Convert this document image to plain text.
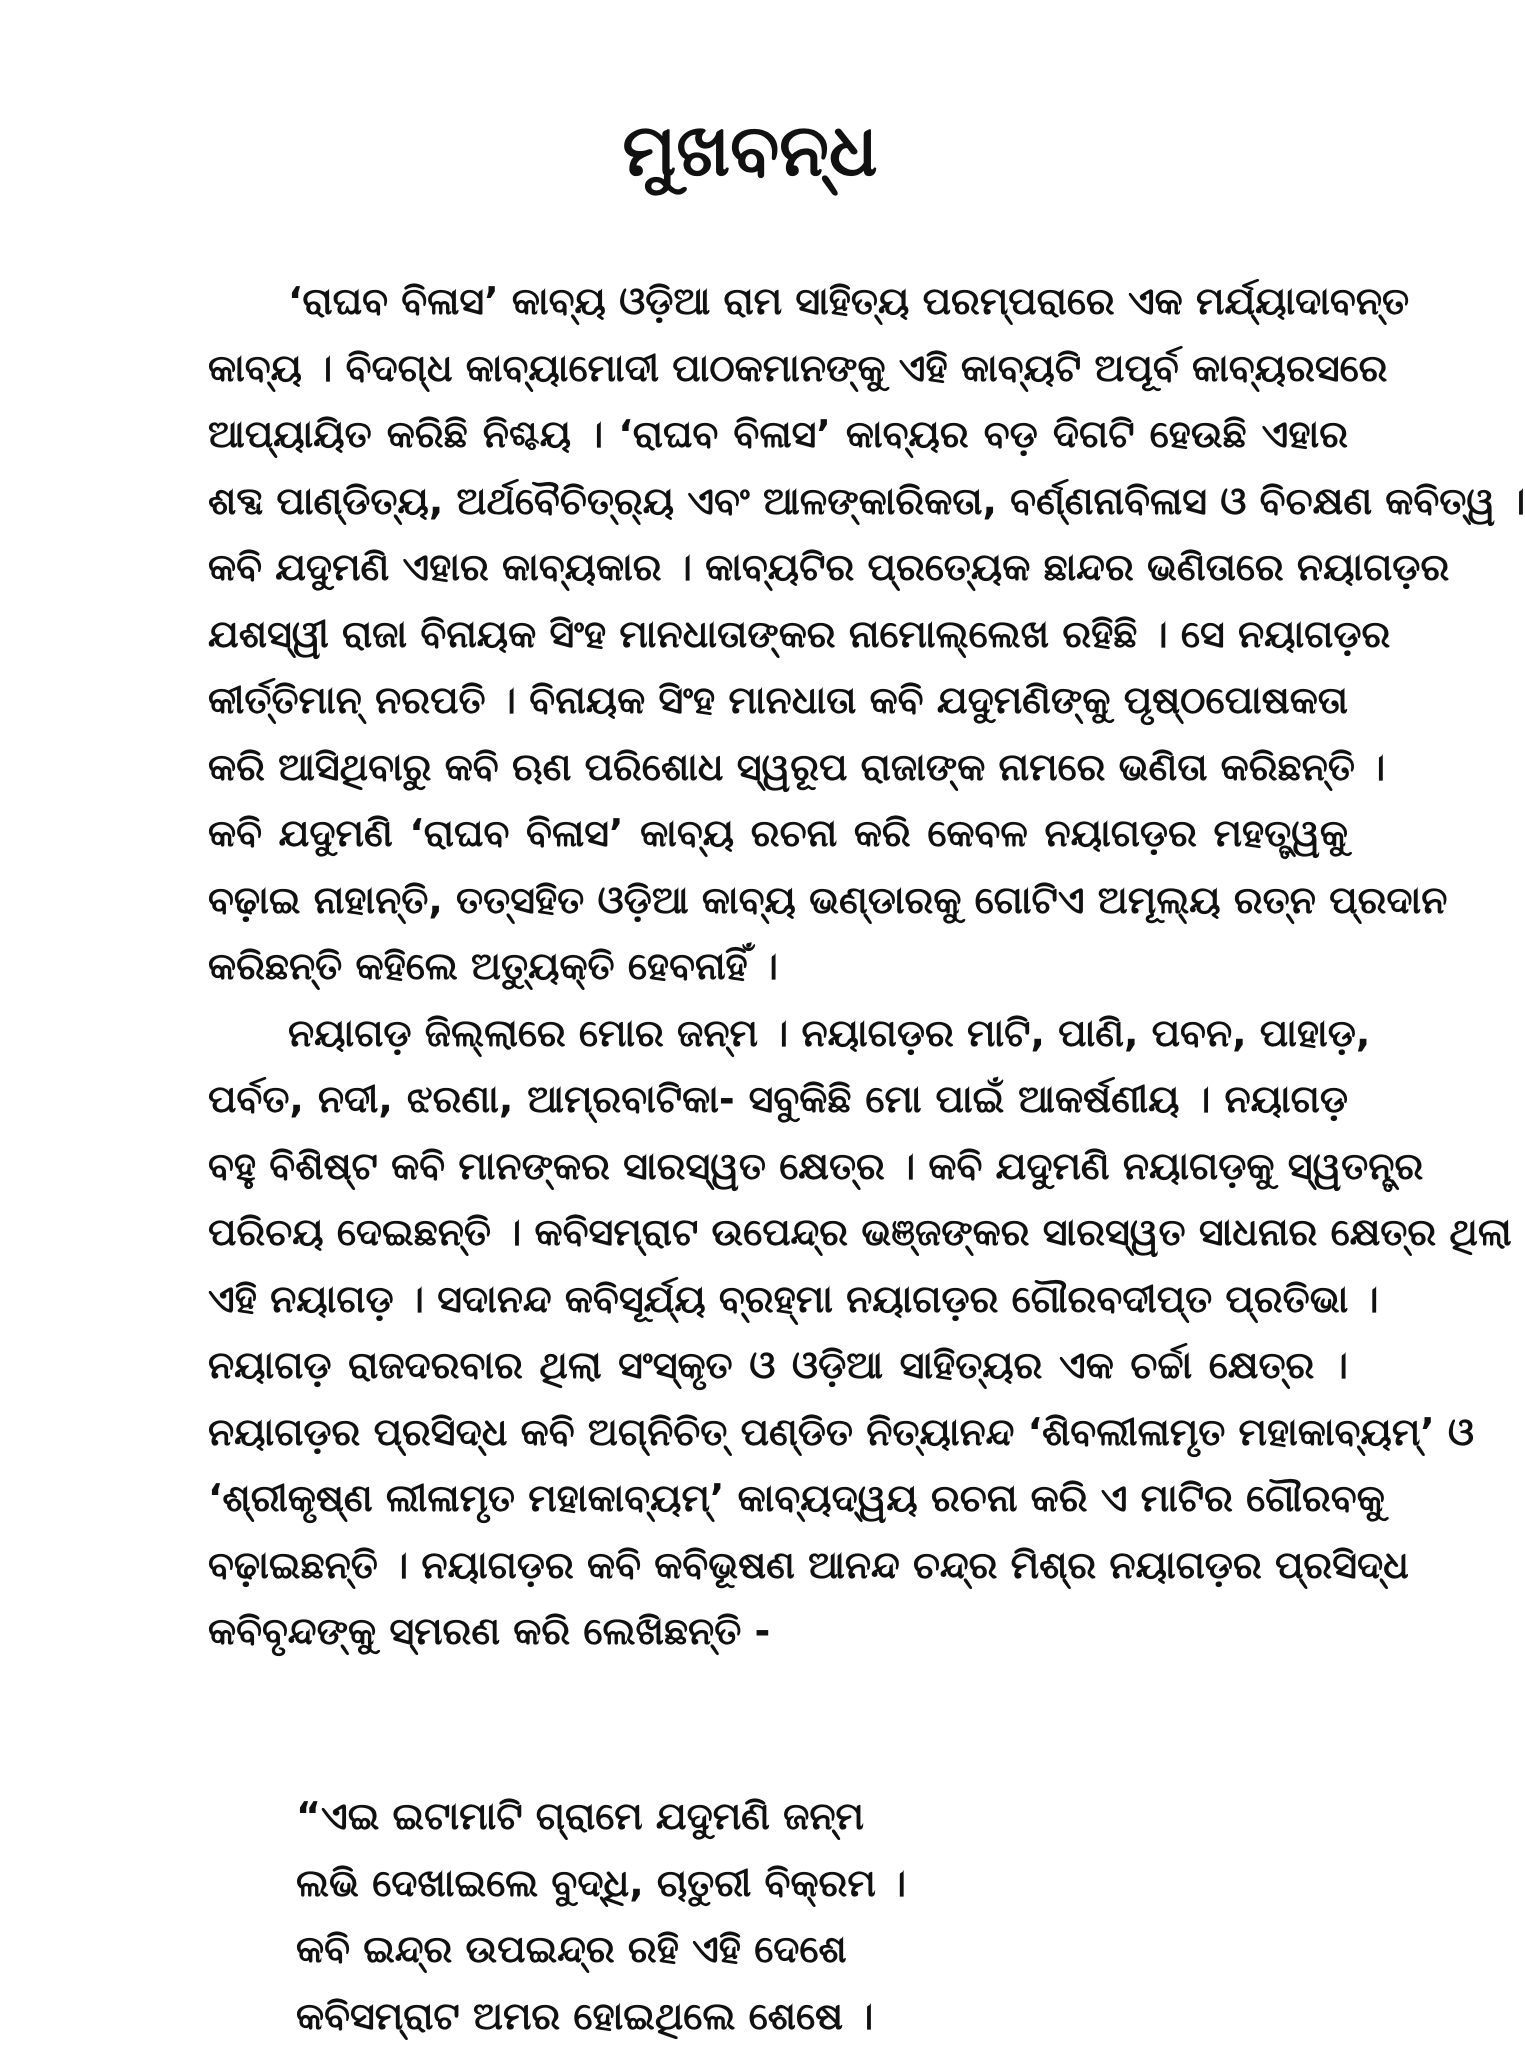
ମୁଖବନ୍ଧ
‘ରାଘବ ବିଳାସ’ କାବ୍ୟ ଓଡ଼ିଆ ରାମ ସାହିତ୍ୟ ପରମ୍ପରାରେ ଏକ ମର୍ଯ୍ୟାଦାବନ୍ତ
କାବ୍ୟ । ବିଦଗ୍ଧ କାବ୍ୟାମୋଦୀ ପାଠକମାନଙ୍କୁ ଏହି କାବ୍ୟଟି ଅପୂର୍ବ କାବ୍ୟରସରେ
ଆପ୍ୟାୟିତ କରିଛି ନିଶ୍ଚୟ । ‘ରାଘବ ବିଳାସ’ କାବ୍ୟର ବଡ଼ ଦିଗଟି ହେଉଛି ଏହାର
ଶବ୍ଦ ପାଣ୍ଡିତ୍ୟ, ଅର୍ଥବୈଚିତ୍ର୍ୟ ଏବଂ ଆଳଙ୍କାରିକତା, ବର୍ଣ୍ଣନାବିଳାସ ଓ ବିଚକ୍ଷଣ କବିତ୍ୱ ।
କବି ଯଦୁମଣି ଏହାର କାବ୍ୟକାର । କାବ୍ୟଟିର ପ୍ରତ୍ୟେକ ଛାନ୍ଦର ଭଣିତାରେ ନୟାଗଡ଼ର
ଯଶସ୍ୱୀ ରାଜା ବିନାୟକ ସିଂହ ମାନଧାତାଙ୍କର ନାମୋଲ୍ଲେଖ ରହିଛି । ସେ ନୟାଗଡ଼ର
କୀର୍ତ୍ତିମାନ୍ ନରପତି । ବିନାୟକ ସିଂହ ମାନଧାତା କବି ଯଦୁମଣିଙ୍କୁ ପୃଷ୍ଠପୋଷକତା
କରି ଆସିଥିବାରୁ କବି ଋଣ ପରିଶୋଧ ସ୍ୱରୂପ ରାଜାଙ୍କ ନାମରେ ଭଣିତା କରିଛନ୍ତି ।
କବି ଯଦୁମଣି ‘ରାଘବ ବିଳାସ’ କାବ୍ୟ ରଚନା କରି କେବଳ ନୟାଗଡ଼ର ମହତ୍ତ୍ୱକୁ
ବଢ଼ାଇ ନାହାନ୍ତି, ତତ୍‌ସହିତ ଓଡ଼ିଆ କାବ୍ୟ ଭଣ୍ଡାରକୁ ଗୋଟିଏ ଅମୂଲ୍ୟ ରତ୍ନ ପ୍ରଦାନ
କରିଛନ୍ତି କହିଲେ ଅତ୍ୟୁକ୍ତି ହେବନାହିଁ ।
ନୟାଗଡ଼ ଜିଲ୍ଲାରେ ମୋର ଜନ୍ମ । ନୟାଗଡ଼ର ମାଟି, ପାଣି, ପବନ, ପାହାଡ଼,
ପର୍ବତ, ନଦୀ, ଝରଣା, ଆମ୍ରବାଟିକା- ସବୁକିଛି ମୋ ପାଇଁ ଆକର୍ଷଣୀୟ । ନୟାଗଡ଼
ବହୁ ବିଶିଷ୍ଟ କବି ମାନଙ୍କର ସାରସ୍ୱତ କ୍ଷେତ୍ର । କବି ଯଦୁମଣି ନୟାଗଡ଼କୁ ସ୍ୱତନ୍ତ୍ର
ପରିଚୟ ଦେଇଛନ୍ତି । କବିସମ୍ରାଟ ଉପେନ୍ଦ୍ର ଭଞ୍ଜଙ୍କର ସାରସ୍ୱତ ସାଧନାର କ୍ଷେତ୍ର ଥିଲା
ଏହି ନୟାଗଡ଼ । ସଦାନନ୍ଦ କବିସୂର୍ଯ୍ୟ ବ୍ରହ୍ମା ନୟାଗଡ଼ର ଗୌରବଦୀପ୍ତ ପ୍ରତିଭା ।
ନୟାଗଡ଼ ରାଜଦରବାର ଥିଲା ସଂସ୍କୃତ ଓ ଓଡ଼ିଆ ସାହିତ୍ୟର ଏକ ଚର୍ଚ୍ଚା କ୍ଷେତ୍ର ।
ନୟାଗଡ଼ର ପ୍ରସିଦ୍ଧ କବି ଅଗ୍ନିଚିତ୍ ପଣ୍ଡିତ ନିତ୍ୟାନନ୍ଦ ‘ଶିବଲୀଳାମୃତ ମହାକାବ୍ୟମ୍’ ଓ
‘ଶ୍ରୀକୃଷ୍ଣ ଲୀଳାମୃତ ମହାକାବ୍ୟମ୍’ କାବ୍ୟଦ୍ୱୟ ରଚନା କରି ଏ ମାଟିର ଗୌରବକୁ
ବଢ଼ାଇଛନ୍ତି । ନୟାଗଡ଼ର କବି କବିଭୂଷଣ ଆନନ୍ଦ ଚନ୍ଦ୍ର ମିଶ୍ର ନୟାଗଡ଼ର ପ୍ରସିଦ୍ଧ
କବିବୃନ୍ଦଙ୍କୁ ସ୍ମରଣ କରି ଲେଖିଛନ୍ତି -
“ଏଇ ଇଟାମାଟି ଗ୍ରାମେ ଯଦୁମଣି ଜନ୍ମ
ଲଭି ଦେଖାଇଲେ ବୁଦ୍ଧି, ଚାତୁରୀ ବିକ୍ରମ ।
କବି ଇନ୍ଦ୍ର ଉପଇନ୍ଦ୍ର ରହି ଏହି ଦେଶେ
କବିସମ୍ରାଟ ଅମର ହୋଇଥିଲେ ଶେଷେ ।
